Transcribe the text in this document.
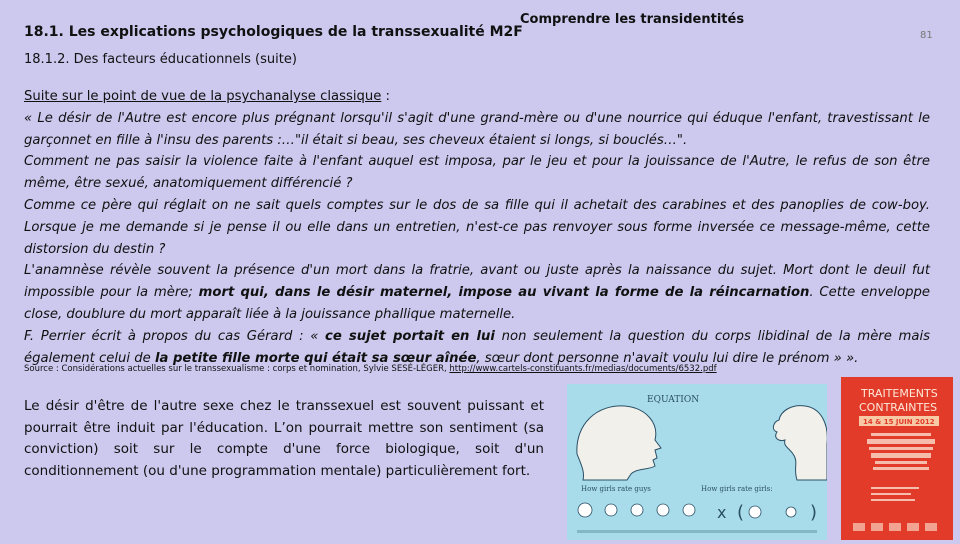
18.1. Les explications psychologiques de la transsexualité M2F
Comprendre les transidentités
81
18.1.2. Des facteurs éducationnels (suite)
Suite sur le point de vue de la psychanalyse classique :

« Le désir de l'Autre est encore plus prégnant lorsqu'il s'agit d'une grand-mère ou d'une nourrice qui éduque l'enfant, travestissant le garçonnet en fille à l'insu des parents :…"il était si beau, ses cheveux étaient si longs, si bouclés…".

Comment ne pas saisir la violence faite à l'enfant auquel est imposa, par le jeu et pour la jouissance de l'Autre, le refus de son être même, être sexué, anatomiquement différencié ?

Comme ce père qui réglait on ne sait quels comptes sur le dos de sa fille qui il achetait des carabines et des panoplies de cow-boy. Lorsque je me demande si je pense il ou elle dans un entretien, n'est-ce pas renvoyer sous forme inversée ce message-même, cette distorsion du destin ?

L'anamnèse révèle souvent la présence d'un mort dans la fratrie, avant ou juste après la naissance du sujet. Mort dont le deuil fut impossible pour la mère; mort qui, dans le désir maternel, impose au vivant la forme de la réincarnation. Cette enveloppe close, doublure du mort apparaît liée à la jouissance phallique maternelle.

F. Perrier écrit à propos du cas Gérard : « ce sujet portait en lui non seulement la question du corps libidinal de la mère mais également celui de la petite fille morte qui était sa sœur aînée, sœur dont personne n'avait voulu lui dire le prénom » ».

Source : Considérations actuelles sur le transsexualisme : corps et nomination, Sylvie SESÉ-LÉGER, http://www.cartels-constituants.fr/medias/documents/6532.pdf
Le désir d'être de l'autre sexe chez le transsexuel est souvent puissant et pourrait être induit par l'éducation. L’on pourrait mettre son sentiment (sa conviction) soit sur le compte d'une force biologique, soit d'un conditionnement (ou d'une programmation mentale) particulièrement fort.
EQUATION
How girls rate guys	How girls rate girls:
x (	)
TRAITEMENTS
CONTRAINTES
14 & 15 JUIN 2012
